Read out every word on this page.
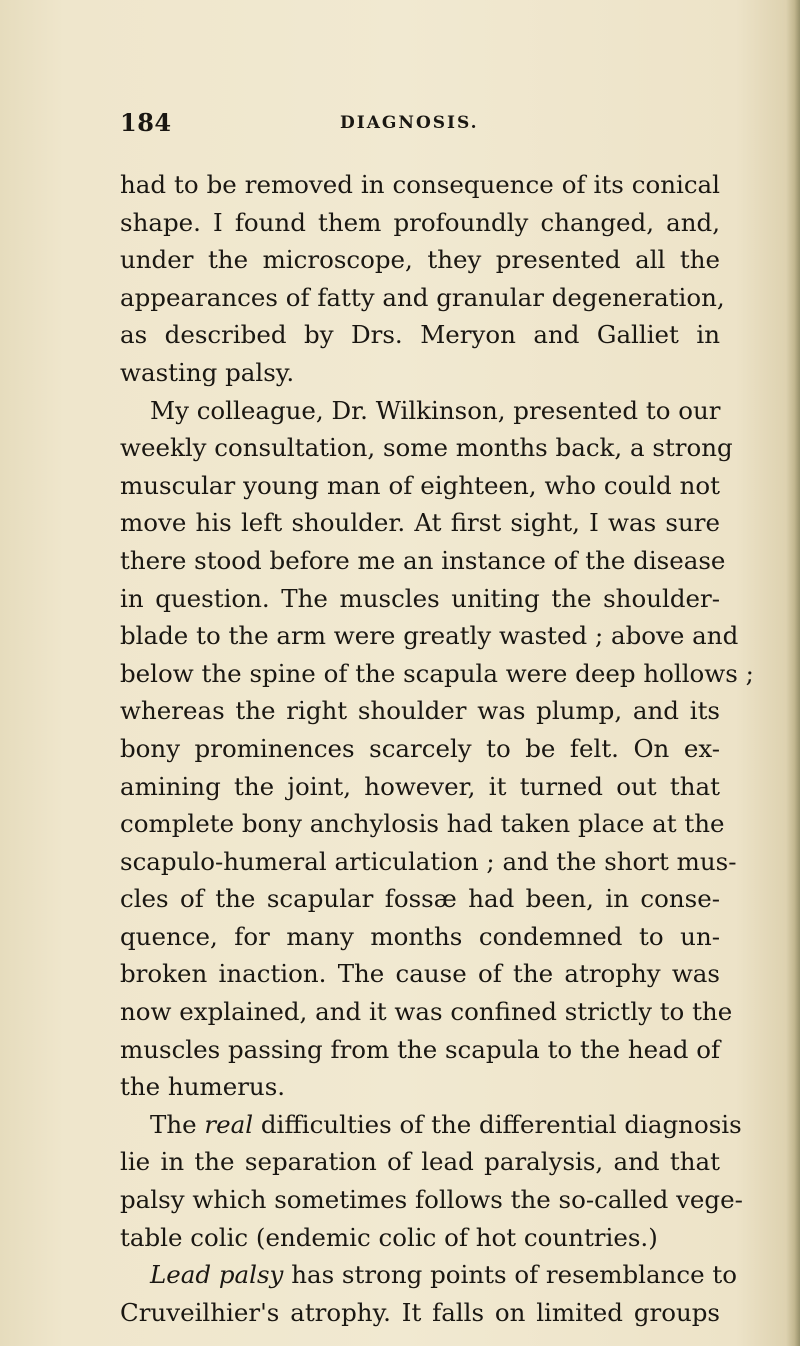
184	DIAGNOSIS.
had to be removed in consequence of its conical
shape. I found them profoundly changed, and,
under the microscope, they presented all the
appearances of fatty and granular degeneration,
as described by Drs. Meryon and Galliet in
wasting palsy.
My colleague, Dr. Wilkinson, presented to our
weekly consultation, some months back, a strong
muscular young man of eighteen, who could not
move his left shoulder. At first sight, I was sure
there stood before me an instance of the disease
in question. The muscles uniting the shoulder-
blade to the arm were greatly wasted ; above and
below the spine of the scapula were deep hollows ;
whereas the right shoulder was plump, and its
bony prominences scarcely to be felt. On ex-
amining the joint, however, it turned out that
complete bony anchylosis had taken place at the
scapulo-humeral articulation ; and the short mus-
cles of the scapular fossæ had been, in conse-
quence, for many months condemned to un-
broken inaction. The cause of the atrophy was
now explained, and it was confined strictly to the
muscles passing from the scapula to the head of
the humerus.
The real difficulties of the differential diagnosis
lie in the separation of lead paralysis, and that
palsy which sometimes follows the so-called vege-
table colic (endemic colic of hot countries.)
Lead palsy has strong points of resemblance to
Cruveilhier's atrophy. It falls on limited groups
